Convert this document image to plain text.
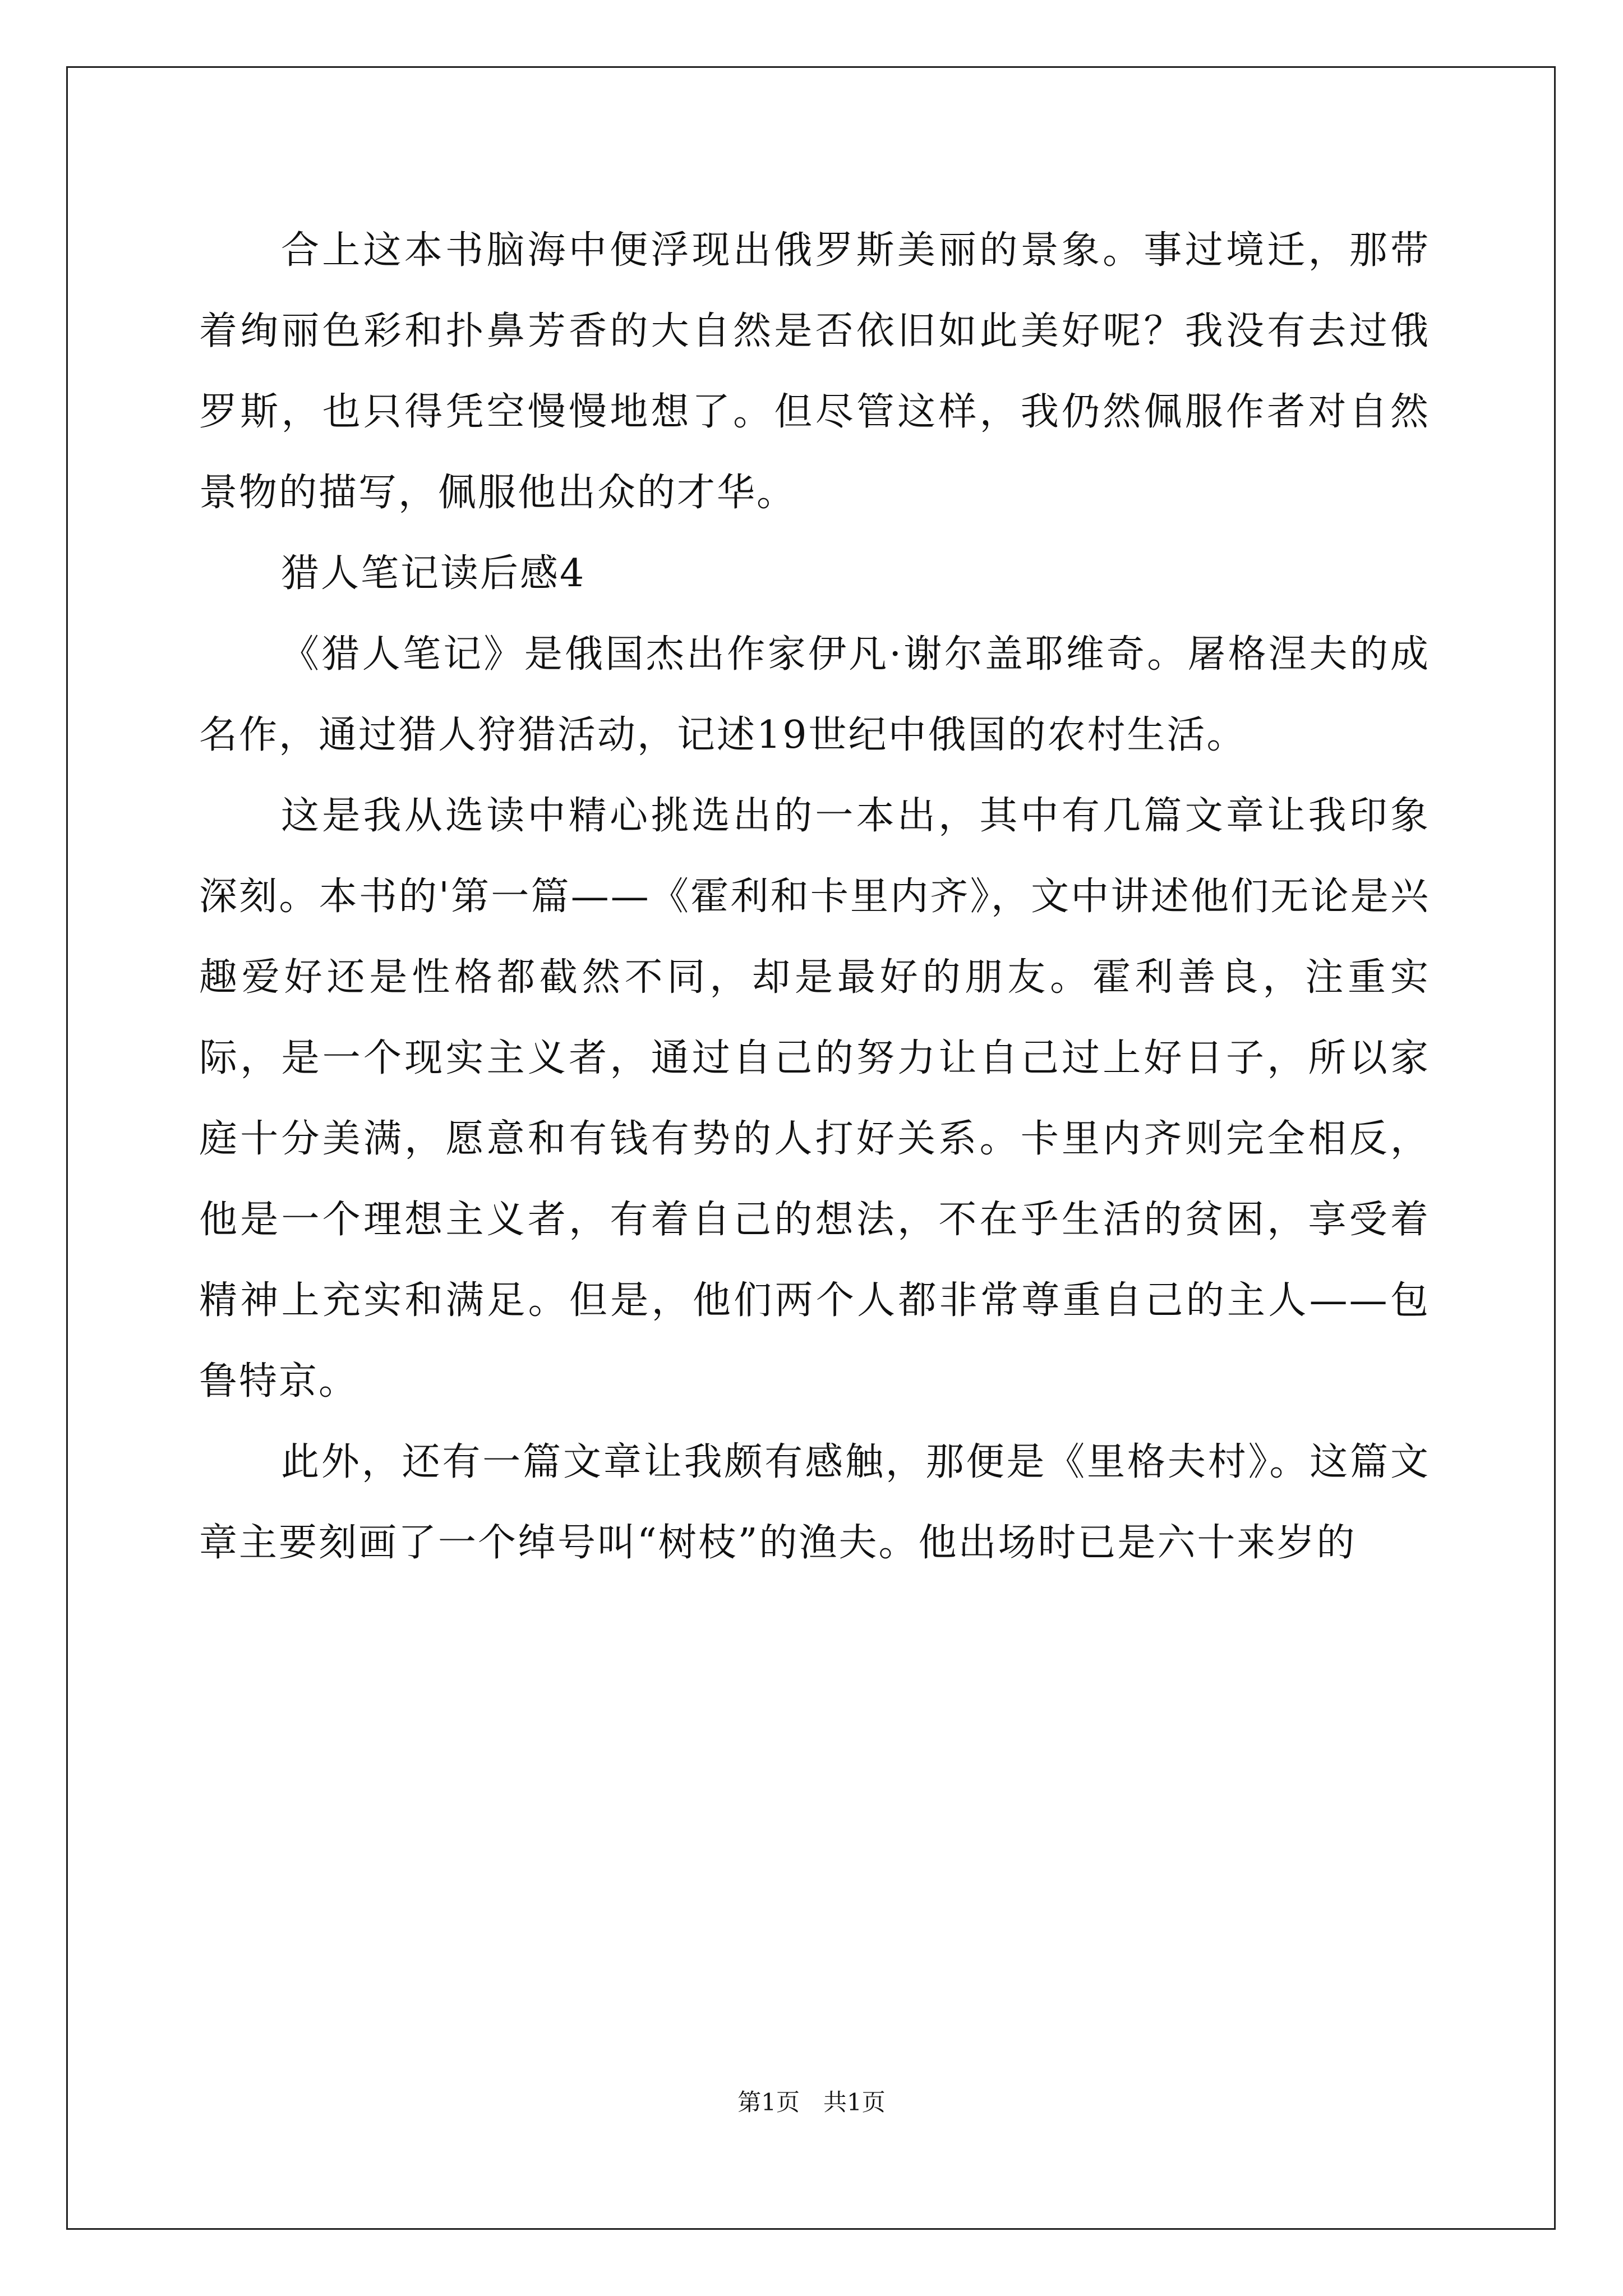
合上这本书脑海中便浮现出俄罗斯美丽的景象。事过境迁，那带着绚丽色彩和扑鼻芳香的大自然是否依旧如此美好呢？我没有去过俄罗斯，也只得凭空慢慢地想了。但尽管这样，我仍然佩服作者对自然景物的描写，佩服他出众的才华。

猎人笔记读后感4

《猎人笔记》是俄国杰出作家伊凡·谢尔盖耶维奇。屠格涅夫的成名作，通过猎人狩猎活动，记述19世纪中俄国的农村生活。

这是我从选读中精心挑选出的一本出，其中有几篇文章让我印象深刻。本书的'第一篇——《霍利和卡里内齐》，文中讲述他们无论是兴趣爱好还是性格都截然不同，却是最好的朋友。霍利善良，注重实际，是一个现实主义者，通过自己的努力让自己过上好日子，所以家庭十分美满，愿意和有钱有势的人打好关系。卡里内齐则完全相反，他是一个理想主义者，有着自己的想法，不在乎生活的贫困，享受着精神上充实和满足。但是，他们两个人都非常尊重自己的主人——包鲁特京。

此外，还有一篇文章让我颇有感触，那便是《里格夫村》。这篇文章主要刻画了一个绰号叫“树枝”的渔夫。他出场时已是六十来岁的

第1页　共1页
